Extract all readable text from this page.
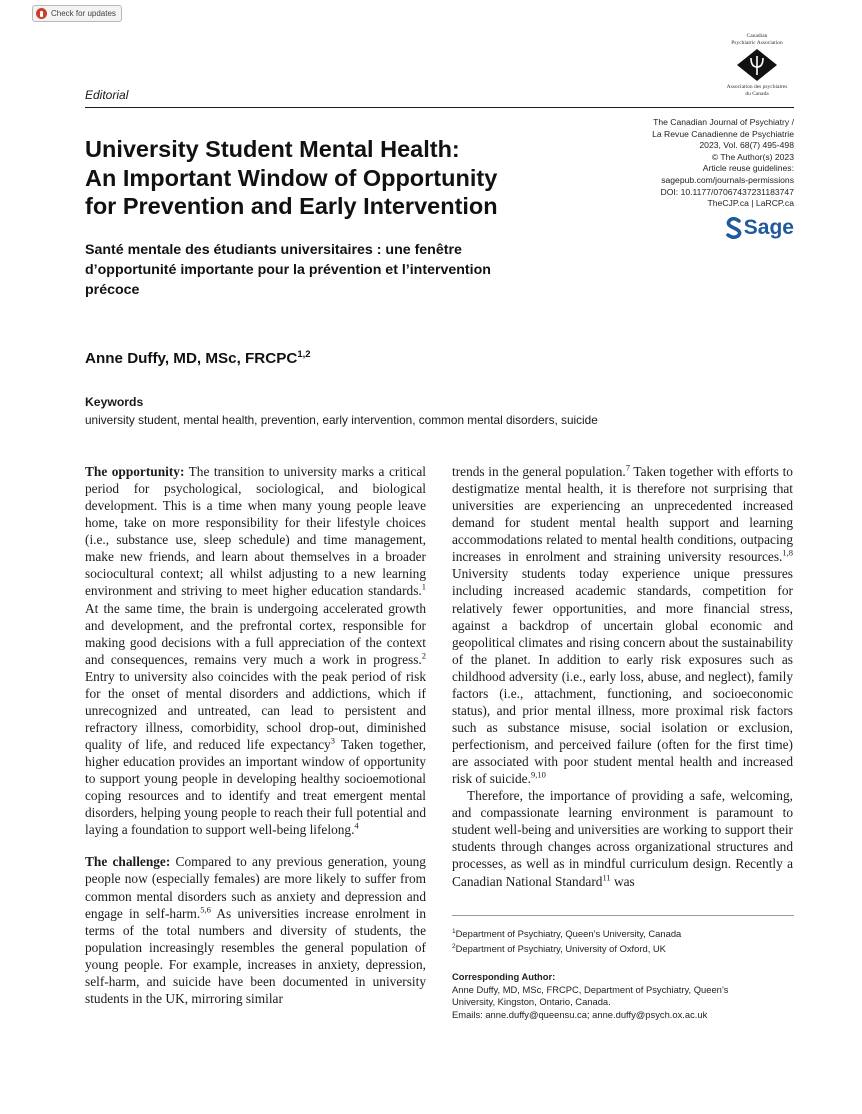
Check for updates
Canadian
Psychiatric Association
Association des psychiatres
du Canada
Editorial
The Canadian Journal of Psychiatry /
La Revue Canadienne de Psychiatrie
2023, Vol. 68(7) 495-498
© The Author(s) 2023
Article reuse guidelines:
sagepub.com/journals-permissions
DOI: 10.1177/07067437231183747
TheCJP.ca | LaRCP.ca
Sage
University Student Mental Health:
An Important Window of Opportunity
for Prevention and Early Intervention
Santé mentale des étudiants universitaires : une fenêtre
d’opportunité importante pour la prévention et l’intervention
précoce
Anne Duffy, MD, MSc, FRCPC$^{1,2}$
Keywords
university student, mental health, prevention, early intervention, common mental disorders, suicide

The opportunity: The transition to university marks a critical period for psychological, sociological, and biological development. This is a time when many young people leave home, take on more responsibility for their lifestyle choices (i.e., substance use, sleep schedule) and time management, make new friends, and learn about themselves in a broader sociocultural context; all whilst adjusting to a new learning environment and striving to meet higher education standards.$^1$ At the same time, the brain is undergoing accelerated growth and development, and the prefrontal cortex, responsible for making good decisions with a full appreciation of the context and consequences, remains very much a work in progress.$^2$ Entry to university also coincides with the peak period of risk for the onset of mental disorders and addictions, which if unrecognized and untreated, can lead to persistent and refractory illness, comorbidity, school drop-out, diminished quality of life, and reduced life expectancy$^3$ Taken together, higher education provides an important window of opportunity to support young people in developing healthy socioemotional coping resources and to identify and treat emergent mental disorders, helping young people to reach their full potential and laying a foundation to support well-being lifelong.$^4$

The challenge: Compared to any previous generation, young people now (especially females) are more likely to suffer from common mental disorders such as anxiety and depression and engage in self-harm.$^{5,6}$ As universities increase enrolment in terms of the total numbers and diversity of students, the population increasingly resembles the general population of young people. For example, increases in anxiety, depression, self-harm, and suicide have been documented in university students in the UK, mirroring similar

trends in the general population.$^7$ Taken together with efforts to destigmatize mental health, it is therefore not surprising that universities are experiencing an unprecedented increased demand for student mental health support and learning accommodations related to mental health conditions, outpacing increases in enrolment and straining university resources.$^{1,8}$ University students today experience unique pressures including increased academic standards, competition for relatively fewer opportunities, and more financial stress, against a backdrop of uncertain global economic and geopolitical climates and rising concern about the sustainability of the planet. In addition to early risk exposures such as childhood adversity (i.e., early loss, abuse, and neglect), family factors (i.e., attachment, functioning, and socioeconomic status), and prior mental illness, more proximal risk factors such as substance misuse, social isolation or exclusion, perfectionism, and perceived failure (often for the first time) are associated with poor student mental health and increased risk of suicide.$^{9,10}$

Therefore, the importance of providing a safe, welcoming, and compassionate learning environment is paramount to student well-being and universities are working to support their students through changes across organizational structures and processes, as well as in mindful curriculum design. Recently a Canadian National Standard$^{11}$ was

$^1$Department of Psychiatry, Queen’s University, Canada

$^2$Department of Psychiatry, University of Oxford, UK

Corresponding Author:

Anne Duffy, MD, MSc, FRCPC, Department of Psychiatry, Queen’s

University, Kingston, Ontario, Canada.

Emails: anne.duffy@queensu.ca; anne.duffy@psych.ox.ac.uk
